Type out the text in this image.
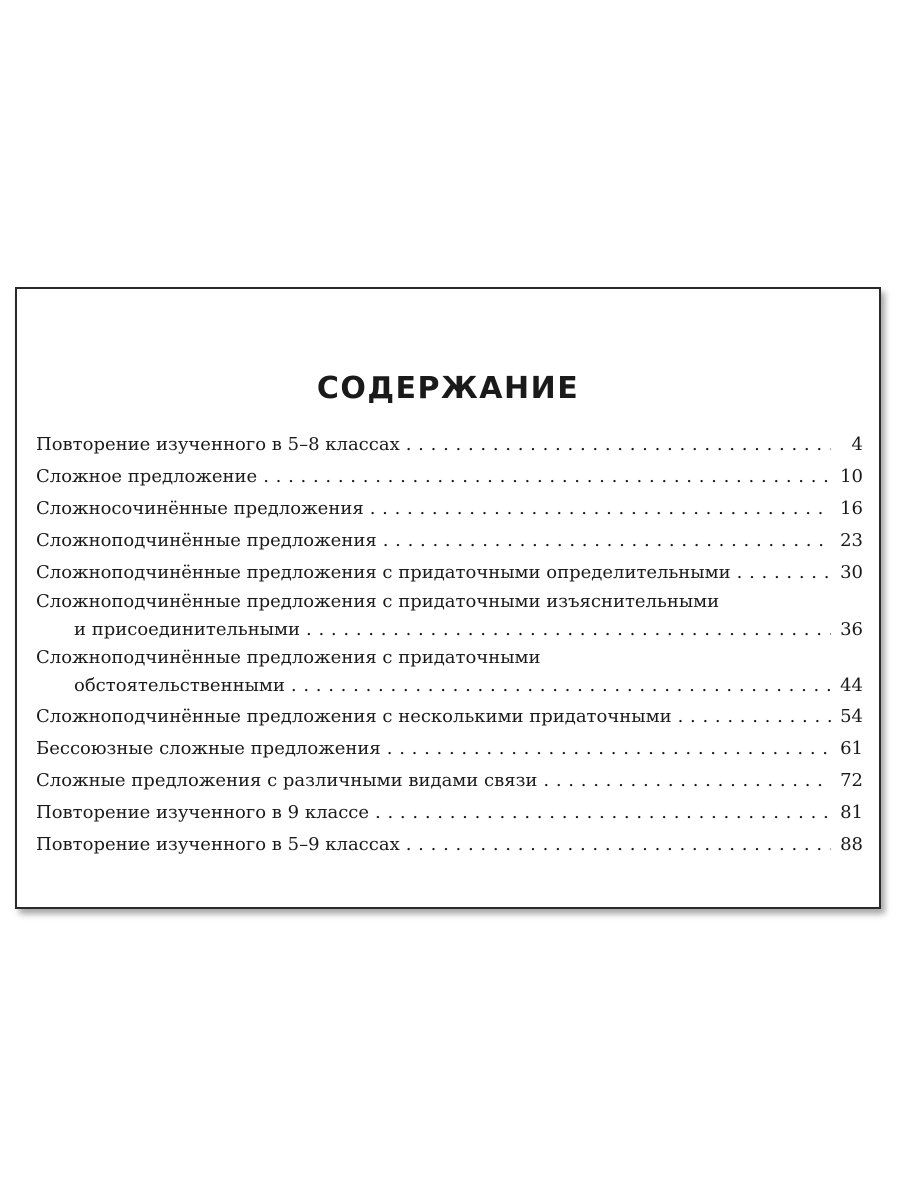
СОДЕРЖАНИЕ
Повторение изученного в 5–8 классах . . .	4
Сложное предложение . . .	10
Сложносочинённые предложения . . .	16
Сложноподчинённые предложения . . .	23
Сложноподчинённые предложения с придаточными определительными . . .	30
Сложноподчинённые предложения с придаточными изъяснительными
и присоединительными . . .	36
Сложноподчинённые предложения с придаточными
обстоятельственными . . .	44
Сложноподчинённые предложения с несколькими придаточными . . .	54
Бессоюзные сложные предложения . . .	61
Сложные предложения с различными видами связи . . .	72
Повторение изученного в 9 классе . . .	81
Повторение изученного в 5–9 классах . . .	88
